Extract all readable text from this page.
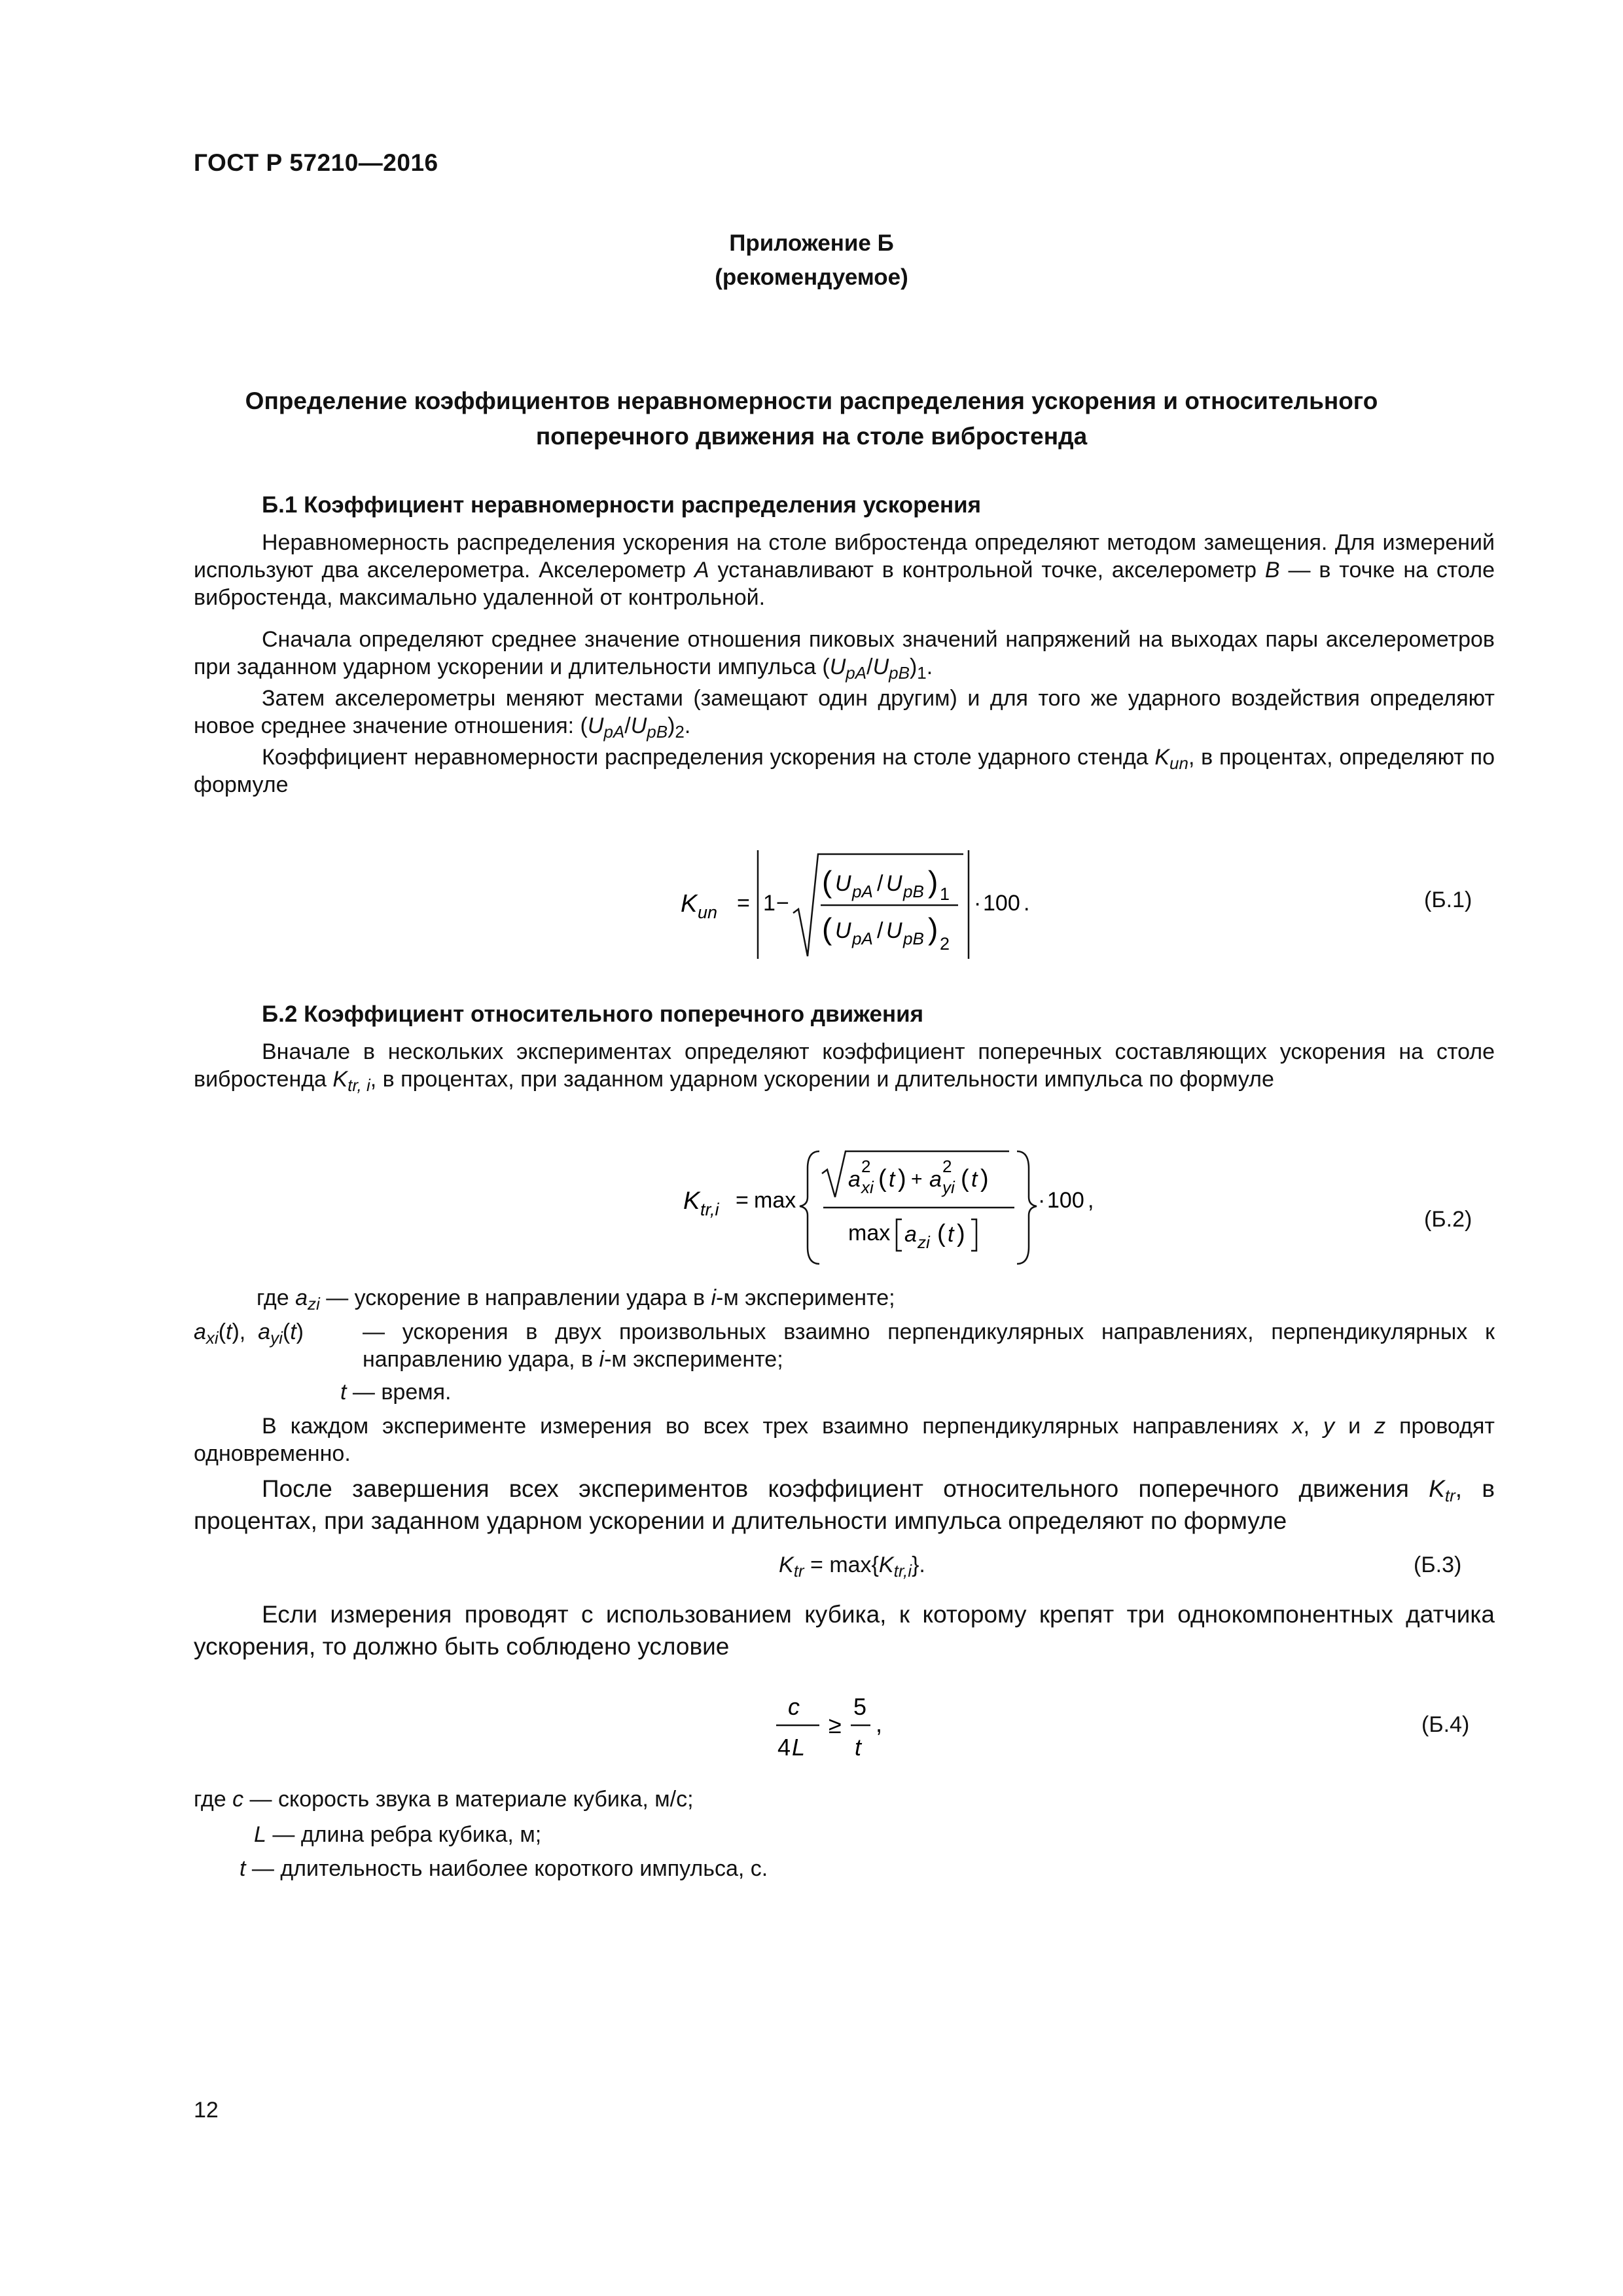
ГОСТ Р 57210—2016
Приложение Б
(рекомендуемое)
Определение коэффициентов неравномерности распределения ускорения и относительного
поперечного движения на столе вибростенда
Б.1 Коэффициент неравномерности распределения ускорения
Неравномерность распределения ускорения на столе вибростенда определяют методом замещения. Для измерений используют два акселерометра. Акселерометр A устанавливают в контрольной точке, акселерометр B — в точке на столе вибростенда, максимально удаленной от контрольной.
Сначала определяют среднее значение отношения пиковых значений напряжений на выходах пары акселерометров при заданном ударном ускорении и длительности импульса $(U_{pA}/U_{pB})_1$.
Затем акселерометры меняют местами (замещают один другим) и для того же ударного воздействия определяют новое среднее значение отношения: $(U_{pA}/U_{pB})_2$.
Коэффициент неравномерности распределения ускорения на столе ударного стенда $K_{un}$, в процентах, определяют по формуле
K un = 1 −
( U pA / U pB ) 1
( U pA / U pB ) 2
· 100 .	(Б.1)
Б.2 Коэффициент относительного поперечного движения
Вначале в нескольких экспериментах определяют коэффициент поперечных составляющих ускорения на столе вибростенда $K_{tr, i}$, в процентах, при заданном ударном ускорении и длительности импульса по формуле
K tr,i = max
a
2
xi ( t ) + a
2
yi ( t )
max a zi ( t )
· 100 ,
(Б.2)
где $a_{zi}$ — ускорение в направлении удара в i-м эксперименте;
$a_{xi}(t)$,  $a_{yi}(t)$	— ускорения в двух произвольных взаимно перпендикулярных направлениях, перпендикулярных к направлению удара, в i-м эксперименте;
t — время.
В каждом эксперименте измерения во всех трех взаимно перпендикулярных направлениях x, y и z проводят одновременно.
После завершения всех экспериментов коэффициент относительного поперечного движения $K_{tr}$, в процентах, при заданном ударном ускорении и длительности импульса определяют по формуле
$K_{tr} = \max\{K_{tr,i}\}$.	(Б.3)
Если измерения проводят с использованием кубика, к которому крепят три однокомпонентных датчика ускорения, то должно быть соблюдено условие
c
4 L
≥
5
t
,	(Б.4)
где c — скорость звука в материале кубика, м/с;
L — длина ребра кубика, м;
t — длительность наиболее короткого импульса, с.
12
